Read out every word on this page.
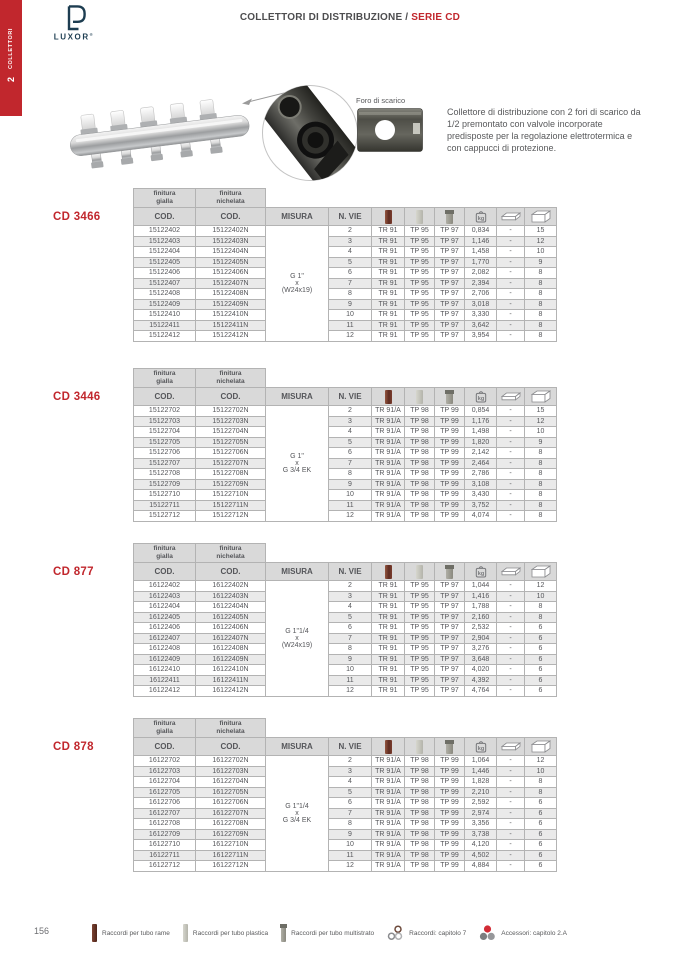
2
COLLETTORI	LUXOR®
COLLETTORI DI DISTRIBUZIONE / SERIE CD
Foro di scarico
Collettore di distribuzione con 2 fori di scarico da 1/2 premontato con valvole incorporate predisposte per la regolazione elettrotermica e con cappucci di protezione.
CD 3466
finitura
gialla	finitura
nichelata								
COD.	COD.	MISURA	N. VIE				kg

15122402	15122402N	G 1"
x
(W24x19)	2	TR 91	TP 95	TP 97	0,834	-	15
15122403	15122403N		3	TR 91	TP 95	TP 97	1,146	-	12
15122404	15122404N		4	TR 91	TP 95	TP 97	1,458	-	10
15122405	15122405N		5	TR 91	TP 95	TP 97	1,770	-	9
15122406	15122406N		6	TR 91	TP 95	TP 97	2,082	-	8
15122407	15122407N		7	TR 91	TP 95	TP 97	2,394	-	8
15122408	15122408N		8	TR 91	TP 95	TP 97	2,706	-	8
15122409	15122409N		9	TR 91	TP 95	TP 97	3,018	-	8
15122410	15122410N		10	TR 91	TP 95	TP 97	3,330	-	8
15122411	15122411N		11	TR 91	TP 95	TP 97	3,642	-	8
15122412	15122412N		12	TR 91	TP 95	TP 97	3,954	-	8
CD 3446
finitura
gialla	finitura
nichelata								
COD.	COD.	MISURA	N. VIE				kg

15122702	15122702N	G 1"
x
G 3/4 EK	2	TR 91/A	TP 98	TP 99	0,854	-	15
15122703	15122703N		3	TR 91/A	TP 98	TP 99	1,176	-	12
15122704	15122704N		4	TR 91/A	TP 98	TP 99	1,498	-	10
15122705	15122705N		5	TR 91/A	TP 98	TP 99	1,820	-	9
15122706	15122706N		6	TR 91/A	TP 98	TP 99	2,142	-	8
15122707	15122707N		7	TR 91/A	TP 98	TP 99	2,464	-	8
15122708	15122708N		8	TR 91/A	TP 98	TP 99	2,786	-	8
15122709	15122709N		9	TR 91/A	TP 98	TP 99	3,108	-	8
15122710	15122710N		10	TR 91/A	TP 98	TP 99	3,430	-	8
15122711	15122711N		11	TR 91/A	TP 98	TP 99	3,752	-	8
15122712	15122712N		12	TR 91/A	TP 98	TP 99	4,074	-	8
CD 877
finitura
gialla	finitura
nichelata								
COD.	COD.	MISURA	N. VIE				kg

16122402	16122402N	G 1"1/4
x
(W24x19)	2	TR 91	TP 95	TP 97	1,044	-	12
16122403	16122403N		3	TR 91	TP 95	TP 97	1,416	-	10
16122404	16122404N		4	TR 91	TP 95	TP 97	1,788	-	8
16122405	16122405N		5	TR 91	TP 95	TP 97	2,160	-	8
16122406	16122406N		6	TR 91	TP 95	TP 97	2,532	-	6
16122407	16122407N		7	TR 91	TP 95	TP 97	2,904	-	6
16122408	16122408N		8	TR 91	TP 95	TP 97	3,276	-	6
16122409	16122409N		9	TR 91	TP 95	TP 97	3,648	-	6
16122410	16122410N		10	TR 91	TP 95	TP 97	4,020	-	6
16122411	16122411N		11	TR 91	TP 95	TP 97	4,392	-	6
16122412	16122412N		12	TR 91	TP 95	TP 97	4,764	-	6
CD 878
finitura
gialla	finitura
nichelata								
COD.	COD.	MISURA	N. VIE				kg

16122702	16122702N	G 1"1/4
x
G 3/4 EK	2	TR 91/A	TP 98	TP 99	1,064	-	12
16122703	16122703N		3	TR 91/A	TP 98	TP 99	1,446	-	10
16122704	16122704N		4	TR 91/A	TP 98	TP 99	1,828	-	8
16122705	16122705N		5	TR 91/A	TP 98	TP 99	2,210	-	8
16122706	16122706N		6	TR 91/A	TP 98	TP 99	2,592	-	6
16122707	16122707N		7	TR 91/A	TP 98	TP 99	2,974	-	6
16122708	16122708N		8	TR 91/A	TP 98	TP 99	3,356	-	6
16122709	16122709N		9	TR 91/A	TP 98	TP 99	3,738	-	6
16122710	16122710N		10	TR 91/A	TP 98	TP 99	4,120	-	6
16122711	16122711N		11	TR 91/A	TP 98	TP 99	4,502	-	6
16122712	16122712N		12	TR 91/A	TP 98	TP 99	4,884	-	6
156	Raccordi per tubo rame	Raccordi per tubo plastica	Raccordi per tubo multistrato	Raccordi: capitolo 7	Accessori: capitolo 2.A
